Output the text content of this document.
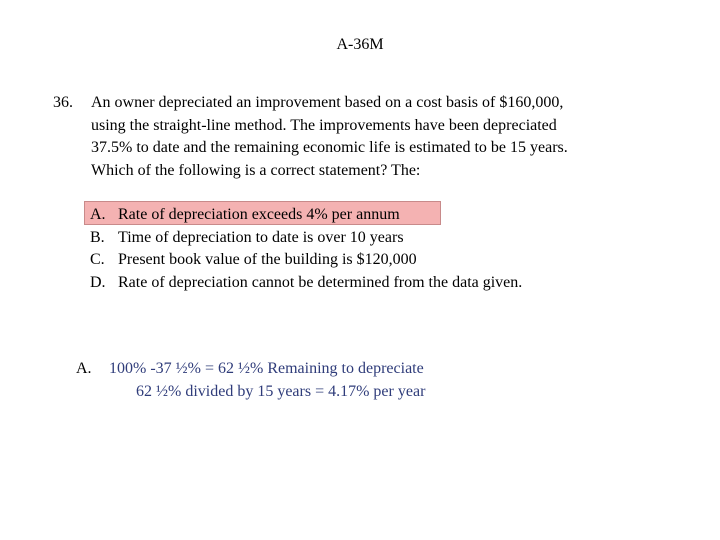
A-36M
36. An owner depreciated an improvement based on a cost basis of $160,000,
using the straight-line method. The improvements have been depreciated
37.5% to date and the remaining economic life is estimated to be 15 years.
Which of the following is a correct statement? The:
A. Rate of depreciation exceeds 4% per annum
B. Time of depreciation to date is over 10 years
C. Present book value of the building is $120,000
D. Rate of depreciation cannot be determined from the data given.
A. 100% -37 ½% = 62 ½% Remaining to depreciate
62 ½% divided by 15 years = 4.17% per year
